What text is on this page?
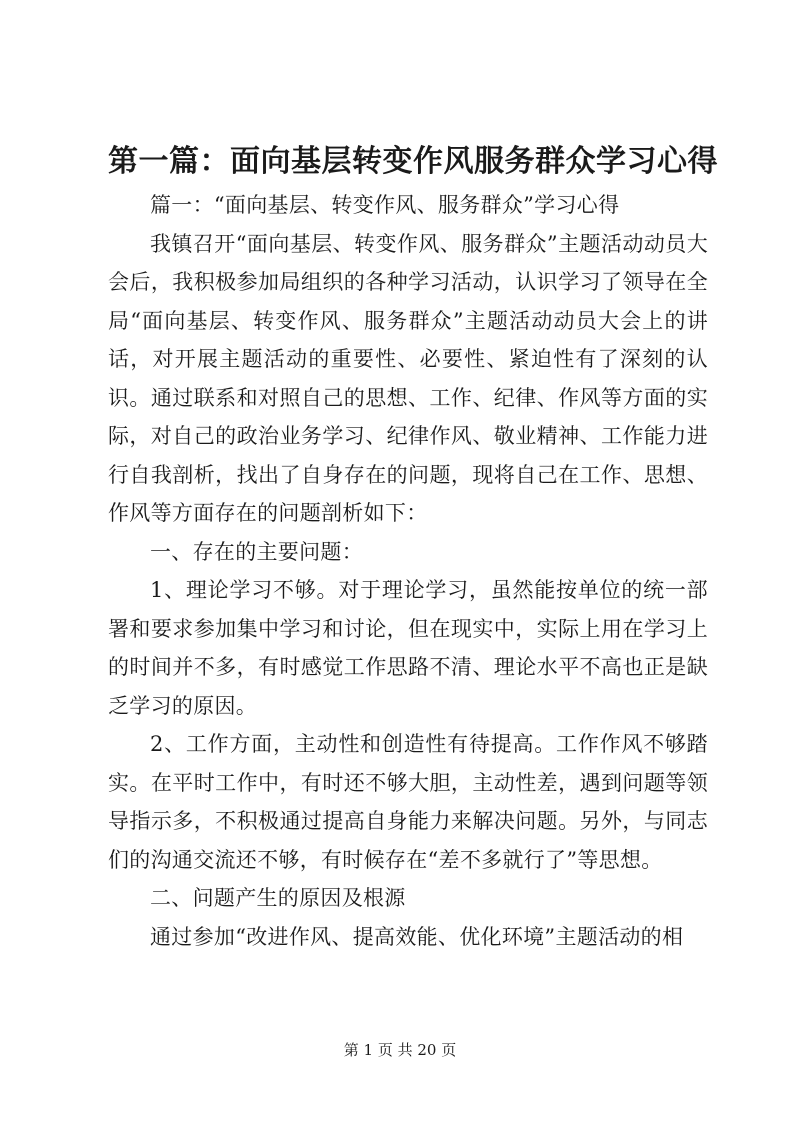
第一篇：面向基层转变作风服务群众学习心得

篇一：“面向基层、转变作风、服务群众”学习心得

我镇召开“面向基层、转变作风、服务群众”主题活动动员大会后，我积极参加局组织的各种学习活动，认识学习了领导在全局“面向基层、转变作风、服务群众”主题活动动员大会上的讲话，对开展主题活动的重要性、必要性、紧迫性有了深刻的认识。通过联系和对照自己的思想、工作、纪律、作风等方面的实际，对自己的政治业务学习、纪律作风、敬业精神、工作能力进行自我剖析，找出了自身存在的问题，现将自己在工作、思想、作风等方面存在的问题剖析如下：

一、存在的主要问题：

1、理论学习不够。对于理论学习，虽然能按单位的统一部署和要求参加集中学习和讨论，但在现实中，实际上用在学习上的时间并不多，有时感觉工作思路不清、理论水平不高也正是缺乏学习的原因。

2、工作方面，主动性和创造性有待提高。工作作风不够踏实。在平时工作中，有时还不够大胆，主动性差，遇到问题等领导指示多，不积极通过提高自身能力来解决问题。另外，与同志们的沟通交流还不够，有时候存在“差不多就行了”等思想。

二、问题产生的原因及根源

通过参加“改进作风、提高效能、优化环境”主题活动的相

第 1 页 共 20 页
